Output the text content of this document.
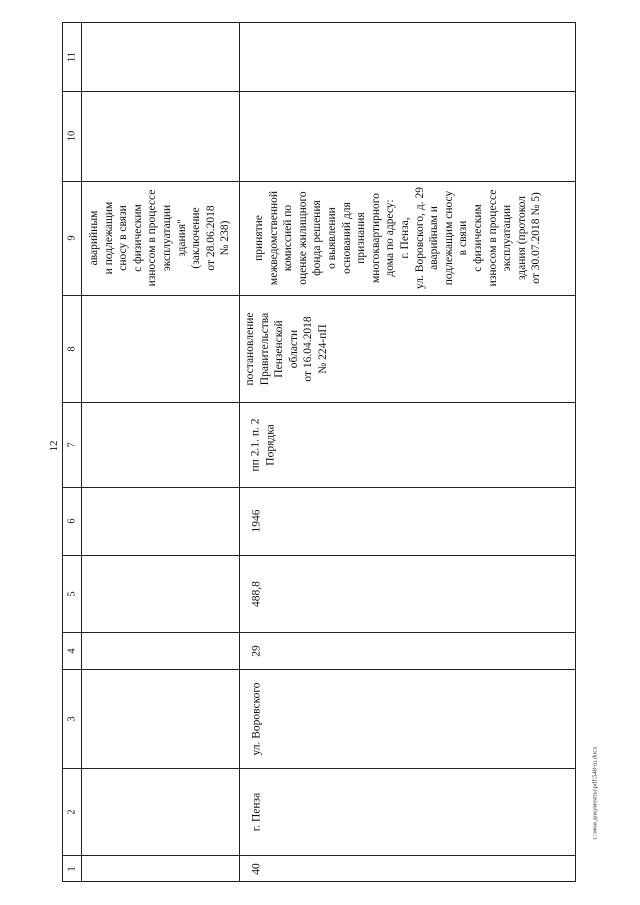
12
c:\мои документы\pdf\548-ш.docx
11
10
9
8
7
6
5
4
3
2
1
аварийным
и подлежащим
сносу в связи
с физическим
износом в процессе
эксплуатации
здания"
(заключение
от 28.06.2018
№ 238)
40
г. Пенза
ул. Воровского
29
488,8
1946
пп 2.1. п. 2
Порядка
постановление
Правительства
Пензенской
области
от 16.04.2018
№ 224-пП
принятие
межведомственной
комиссией по
оценке жилищного
фонда решения
о выявлении
оснований для
признания
многоквартирного
дома по адресу:
г. Пенза,
ул. Воровского, д. 29
аварийным и
подлежащим сносу
в связи
с физическим
износом в процессе
эксплуатации
здания (протокол
от 30.07.2018 № 5)
